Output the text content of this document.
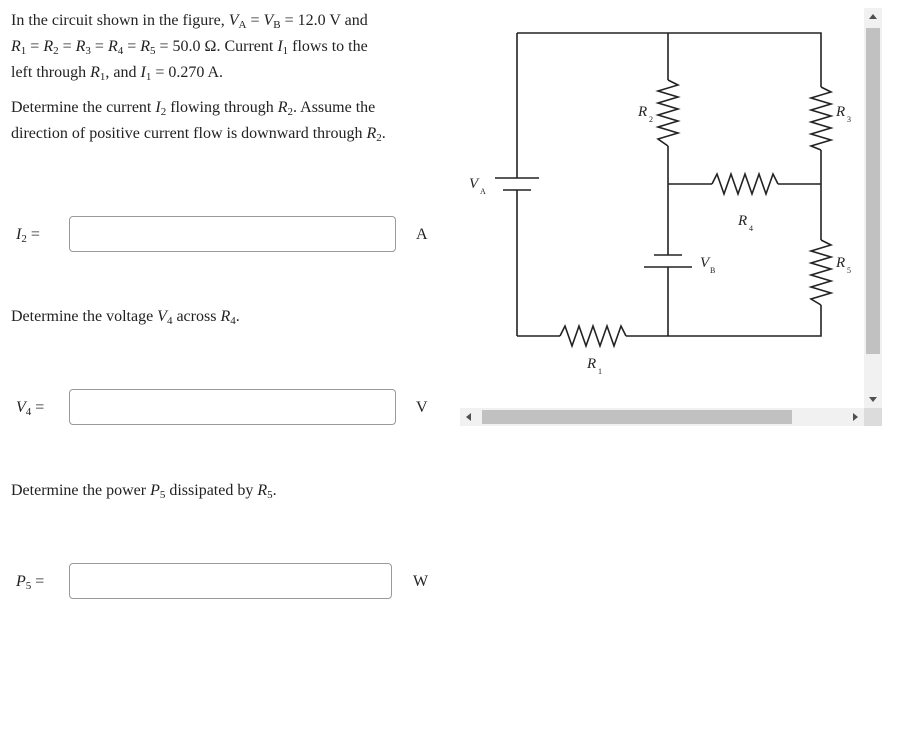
In the circuit shown in the figure, $V_A = V_B = 12.0$ V and
$R_1 = R_2 = R_3 = R_4 = R_5 = 50.0$ Ω. Current $I_1$ flows to the
left through $R_1$, and $I_1 = 0.270$ A.

Determine the current $I_2$ flowing through $R_2$. Assume the
direction of positive current flow is downward through $R_2$.

$I_2$ =	A

Determine the voltage $V_4$ across $R_4$.

$V_4$ =	V

Determine the power $P_5$ dissipated by $R_5$.

$P_5$ =	W
V A
V B
R 1
R 2	R 3
R 4
R 5
